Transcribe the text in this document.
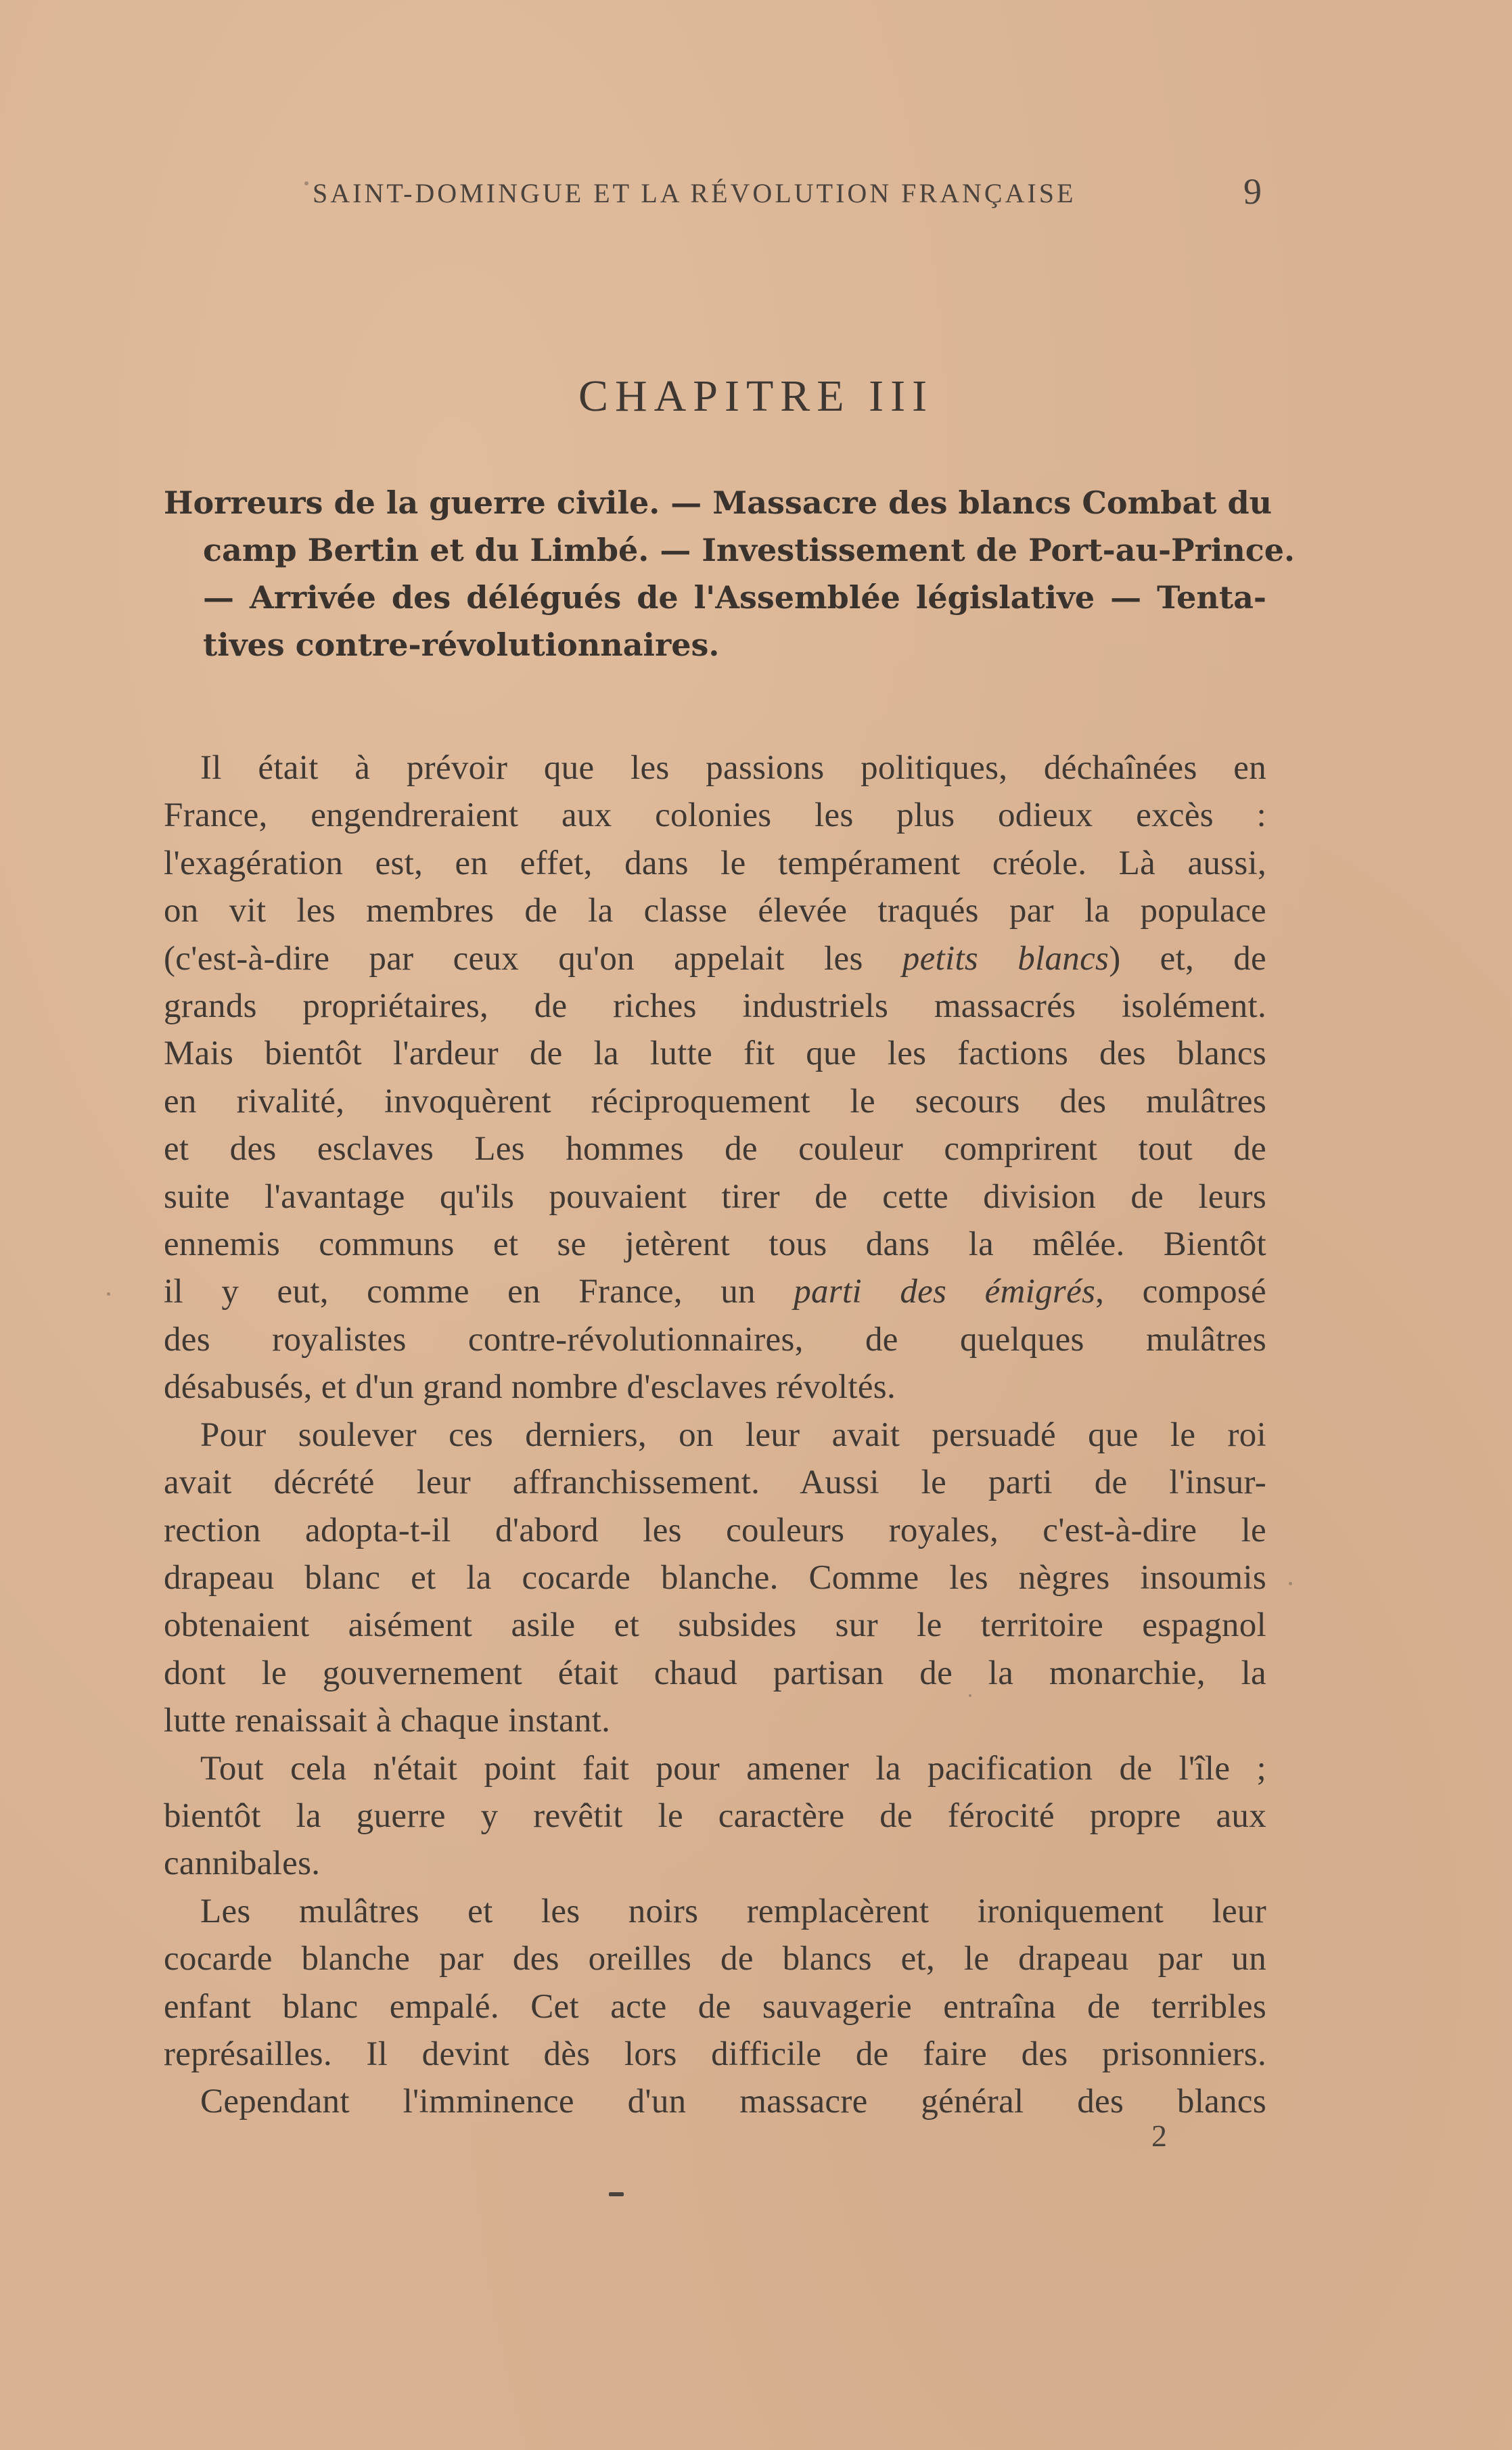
SAINT-DOMINGUE ET LA RÉVOLUTION FRANÇAISE	9
CHAPITRE III
Horreurs de la guerre civile. — Massacre des blancs Combat du
camp Bertin et du Limbé. — Investissement de Port-au-Prince.
— Arrivée des délégués de l'Assemblée législative — Tenta-
tives contre-révolutionnaires.
Il était à prévoir que les passions politiques, déchaînées en
France, engendreraient aux colonies les plus odieux excès :
l'exagération est, en effet, dans le tempérament créole. Là aussi,
on vit les membres de la classe élevée traqués par la populace
(c'est-à-dire par ceux qu'on appelait les petits blancs) et, de
grands propriétaires, de riches industriels massacrés isolément.
Mais bientôt l'ardeur de la lutte fit que les factions des blancs
en rivalité, invoquèrent réciproquement le secours des mulâtres
et des esclaves Les hommes de couleur comprirent tout de
suite l'avantage qu'ils pouvaient tirer de cette division de leurs
ennemis communs et se jetèrent tous dans la mêlée. Bientôt
il y eut, comme en France, un parti des émigrés, composé
des royalistes contre-révolutionnaires, de quelques mulâtres
désabusés, et d'un grand nombre d'esclaves révoltés.
Pour soulever ces derniers, on leur avait persuadé que le roi
avait décrété leur affranchissement. Aussi le parti de l'insur-
rection adopta-t-il d'abord les couleurs royales, c'est-à-dire le
drapeau blanc et la cocarde blanche. Comme les nègres insoumis
obtenaient aisément asile et subsides sur le territoire espagnol
dont le gouvernement était chaud partisan de la monarchie, la
lutte renaissait à chaque instant.
Tout cela n'était point fait pour amener la pacification de l'île ;
bientôt la guerre y revêtit le caractère de férocité propre aux
cannibales.
Les mulâtres et les noirs remplacèrent ironiquement leur
cocarde blanche par des oreilles de blancs et, le drapeau par un
enfant blanc empalé. Cet acte de sauvagerie entraîna de terribles
représailles. Il devint dès lors difficile de faire des prisonniers.
Cependant l'imminence d'un massacre général des blancs
2
